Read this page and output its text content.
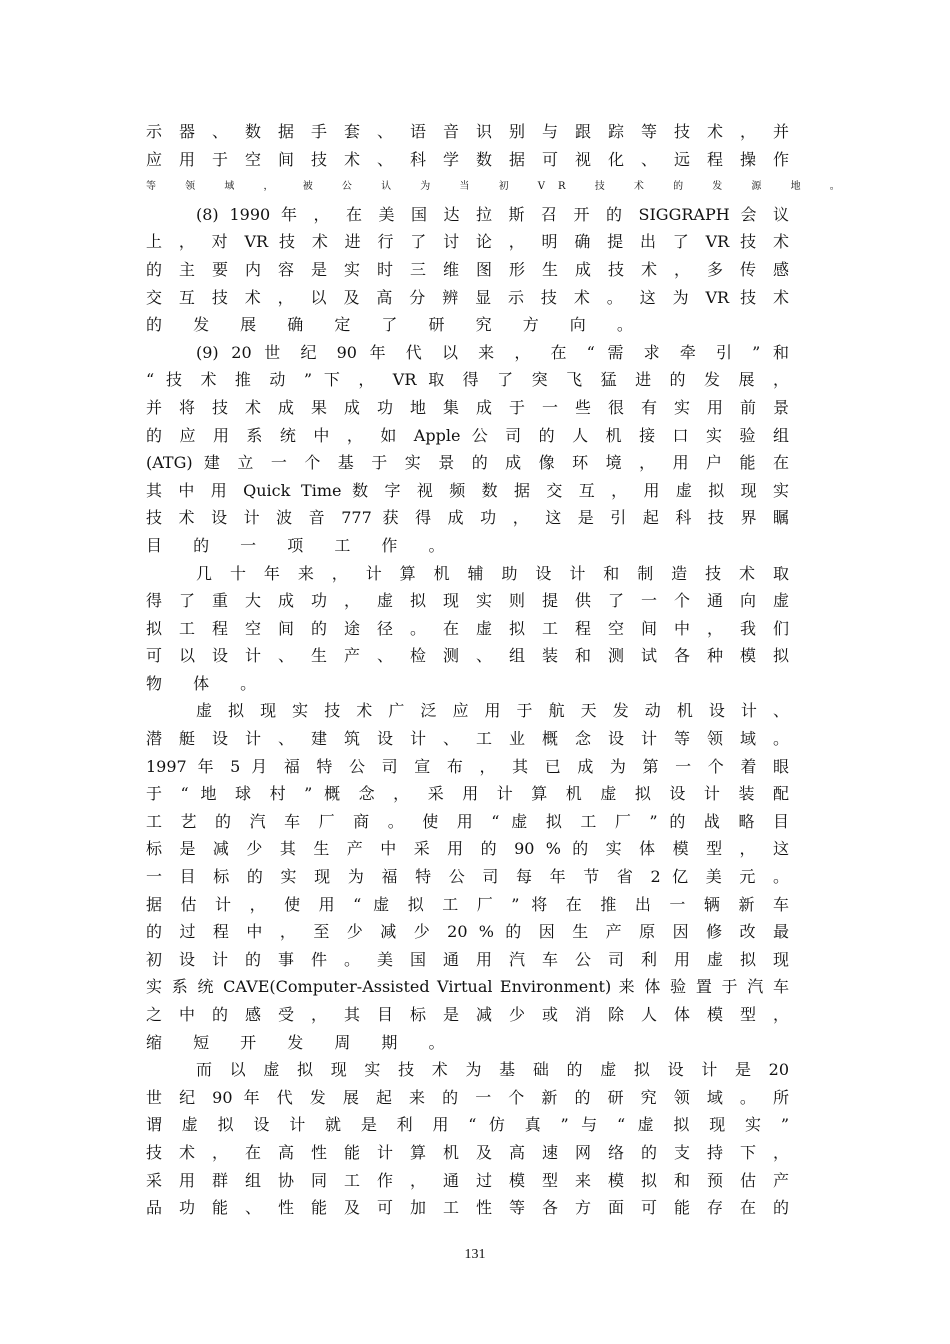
示 器 、 数 据 手 套 、 语 音 识 别 与 跟 踪 等 技 术 ， 并
应 用 于 空 间 技 术 、 科 学 数 据 可 视 化 、 远 程 操 作
等 领 域 ， 被 公 认 为 当 初 VR 技 术 的 发 源 地 。
(8) 1990 年 ， 在 美 国 达 拉 斯 召 开 的 SIGGRAPH 会 议
上 ， 对 VR 技 术 进 行 了 讨 论 ， 明 确 提 出 了 VR 技 术
的 主 要 内 容 是 实 时 三 维 图 形 生 成 技 术 ， 多 传 感
交 互 技 术 ， 以 及 高 分 辨 显 示 技 术 。 这 为 VR 技 术
的 发 展 确 定 了 研 究 方 向 。
(9) 20 世 纪 90 年 代 以 来 ， 在 “ 需 求 牵 引 ” 和
“ 技 术 推 动 ” 下 ， VR 取 得 了 突 飞 猛 进 的 发 展 ，
并 将 技 术 成 果 成 功 地 集 成 于 一 些 很 有 实 用 前 景
的 应 用 系 统 中 ， 如 Apple 公 司 的 人 机 接 口 实 验 组
(ATG) 建 立 一 个 基 于 实 景 的 成 像 环 境 ， 用 户 能 在
其 中 用 Quick Time 数 字 视 频 数 据 交 互 ， 用 虚 拟 现 实
技 术 设 计 波 音 777 获 得 成 功 ， 这 是 引 起 科 技 界 瞩
目 的 一 项 工 作 。
几 十 年 来 ， 计 算 机 辅 助 设 计 和 制 造 技 术 取
得 了 重 大 成 功 ， 虚 拟 现 实 则 提 供 了 一 个 通 向 虚
拟 工 程 空 间 的 途 径 。 在 虚 拟 工 程 空 间 中 ， 我 们
可 以 设 计 、 生 产 、 检 测 、 组 装 和 测 试 各 种 模 拟
物 体 。
虚 拟 现 实 技 术 广 泛 应 用 于 航 天 发 动 机 设 计 、
潜 艇 设 计 、 建 筑 设 计 、 工 业 概 念 设 计 等 领 域 。
1997 年 5 月 福 特 公 司 宣 布 ， 其 已 成 为 第 一 个 着 眼
于 “ 地 球 村 ” 概 念 ， 采 用 计 算 机 虚 拟 设 计 装 配
工 艺 的 汽 车 厂 商 。 使 用 “ 虚 拟 工 厂 ” 的 战 略 目
标 是 减 少 其 生 产 中 采 用 的 90 % 的 实 体 模 型 ， 这
一 目 标 的 实 现 为 福 特 公 司 每 年 节 省 2 亿 美 元 。
据 估 计 ， 使 用 “ 虚 拟 工 厂 ” 将 在 推 出 一 辆 新 车
的 过 程 中 ， 至 少 减 少 20 % 的 因 生 产 原 因 修 改 最
初 设 计 的 事 件 。 美 国 通 用 汽 车 公 司 利 用 虚 拟 现
实 系 统 CAVE(Computer-Assisted Virtual Environment) 来 体 验 置 于 汽 车
之 中 的 感 受 ， 其 目 标 是 减 少 或 消 除 人 体 模 型 ，
缩 短 开 发 周 期 。
而 以 虚 拟 现 实 技 术 为 基 础 的 虚 拟 设 计 是 20
世 纪 90 年 代 发 展 起 来 的 一 个 新 的 研 究 领 域 。 所
谓 虚 拟 设 计 就 是 利 用 “ 仿 真 ” 与 “ 虚 拟 现 实 ”
技 术 ， 在 高 性 能 计 算 机 及 高 速 网 络 的 支 持 下 ，
采 用 群 组 协 同 工 作 ， 通 过 模 型 来 模 拟 和 预 估 产
品 功 能 、 性 能 及 可 加 工 性 等 各 方 面 可 能 存 在 的
131
